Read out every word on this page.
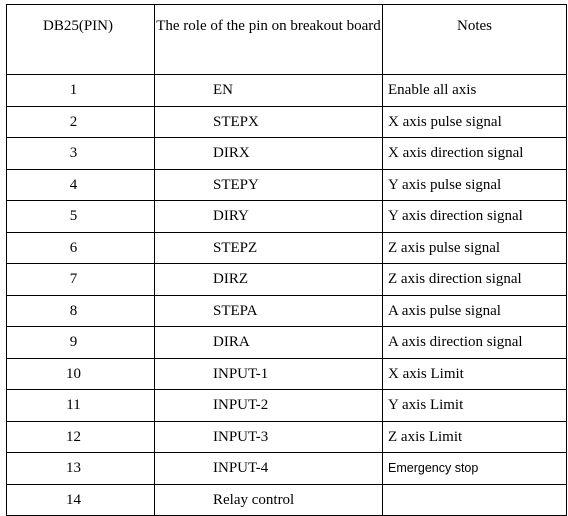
DB25(PIN)	The role of the pin on breakout board	Notes
1	EN	Enable all axis
2	STEPX	X axis pulse signal
3	DIRX	X axis direction signal
4	STEPY	Y axis pulse signal
5	DIRY	Y axis direction signal
6	STEPZ	Z axis pulse signal
7	DIRZ	Z axis direction signal
8	STEPA	A axis pulse signal
9	DIRA	A axis direction signal
10	INPUT-1	X axis Limit
11	INPUT-2	Y axis Limit
12	INPUT-3	Z axis Limit
13	INPUT-4	Emergency stop
14	Relay control	
